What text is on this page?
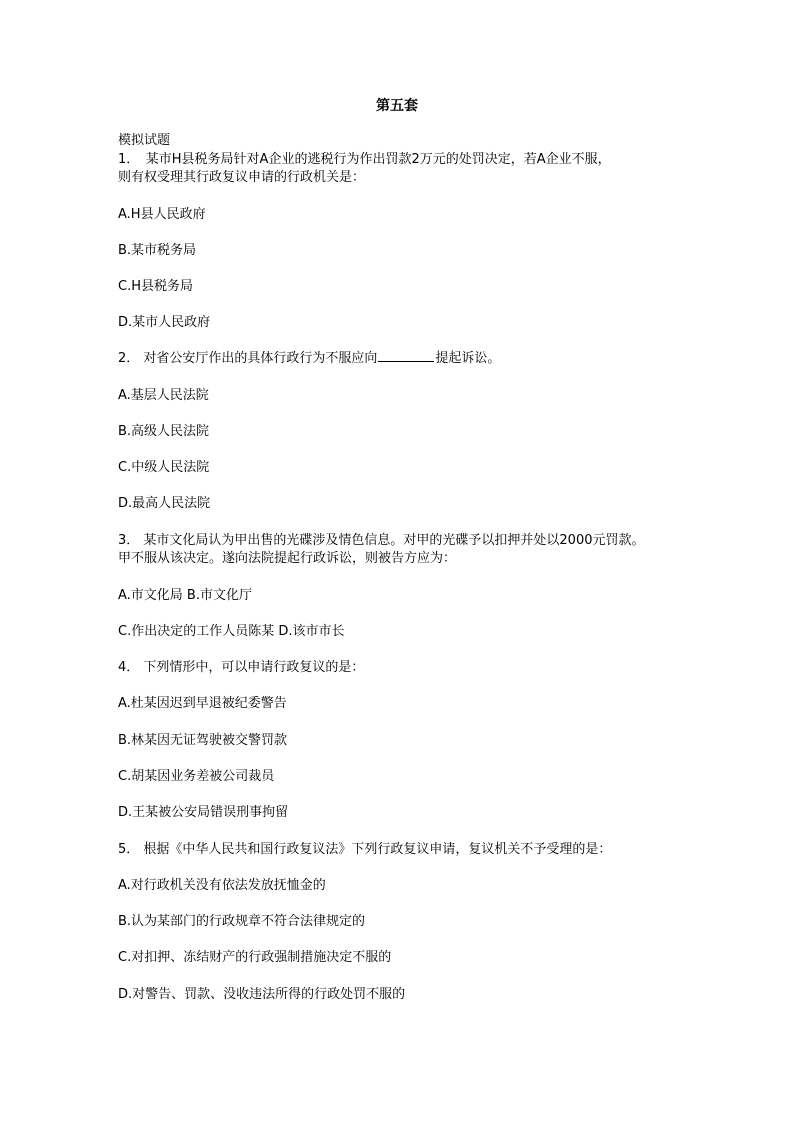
第五套
模拟试题
1．　某市H县税务局针对A企业的逃税行为作出罚款2万元的处罚决定，若A企业不服，
则有权受理其行政复议申请的行政机关是：
A.H县人民政府
B.某市税务局
C.H县税务局
D.某市人民政府
2． 对省公安厅作出的具体行政行为不服应向	提起诉讼。
A.基层人民法院
B.高级人民法院
C.中级人民法院
D.最高人民法院
3． 某市文化局认为甲出售的光碟涉及情色信息。对甲的光碟予以扣押并处以2000元罚款。
甲不服从该决定。遂向法院提起行政诉讼，则被告方应为：
A.市文化局 B.市文化厅
C.作出决定的工作人员陈某 D.该市市长
4． 下列情形中，可以申请行政复议的是：
A.杜某因迟到早退被纪委警告
B.林某因无证驾驶被交警罚款
C.胡某因业务差被公司裁员
D.王某被公安局错误刑事拘留
5． 根据《中华人民共和国行政复议法》下列行政复议申请，复议机关不予受理的是：
A.对行政机关没有依法发放抚恤金的
B.认为某部门的行政规章不符合法律规定的
C.对扣押、冻结财产的行政强制措施决定不服的
D.对警告、罚款、没收违法所得的行政处罚不服的
